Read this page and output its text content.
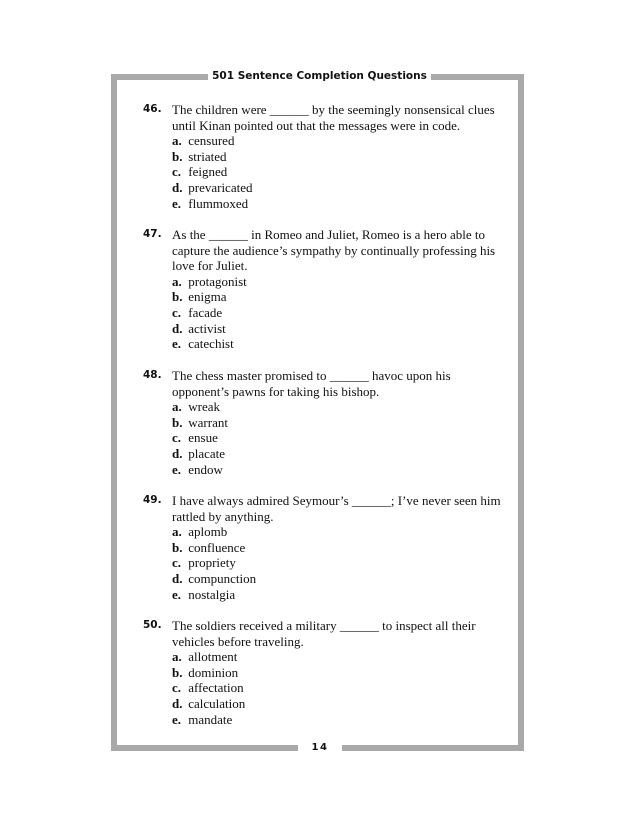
501 Sentence Completion Questions
46. The children were ______ by the seemingly nonsensical clues until Kinan pointed out that the messages were in code.
a. censured
b. striated
c. feigned
d. prevaricated
e. flummoxed
47. As the ______ in Romeo and Juliet, Romeo is a hero able to capture the audience’s sympathy by continually professing his love for Juliet.
a. protagonist
b. enigma
c. facade
d. activist
e. catechist
48. The chess master promised to ______ havoc upon his opponent’s pawns for taking his bishop.
a. wreak
b. warrant
c. ensue
d. placate
e. endow
49. I have always admired Seymour’s ______; I’ve never seen him rattled by anything.
a. aplomb
b. confluence
c. propriety
d. compunction
e. nostalgia
50. The soldiers received a military ______ to inspect all their vehicles before traveling.
a. allotment
b. dominion
c. affectation
d. calculation
e. mandate
14
